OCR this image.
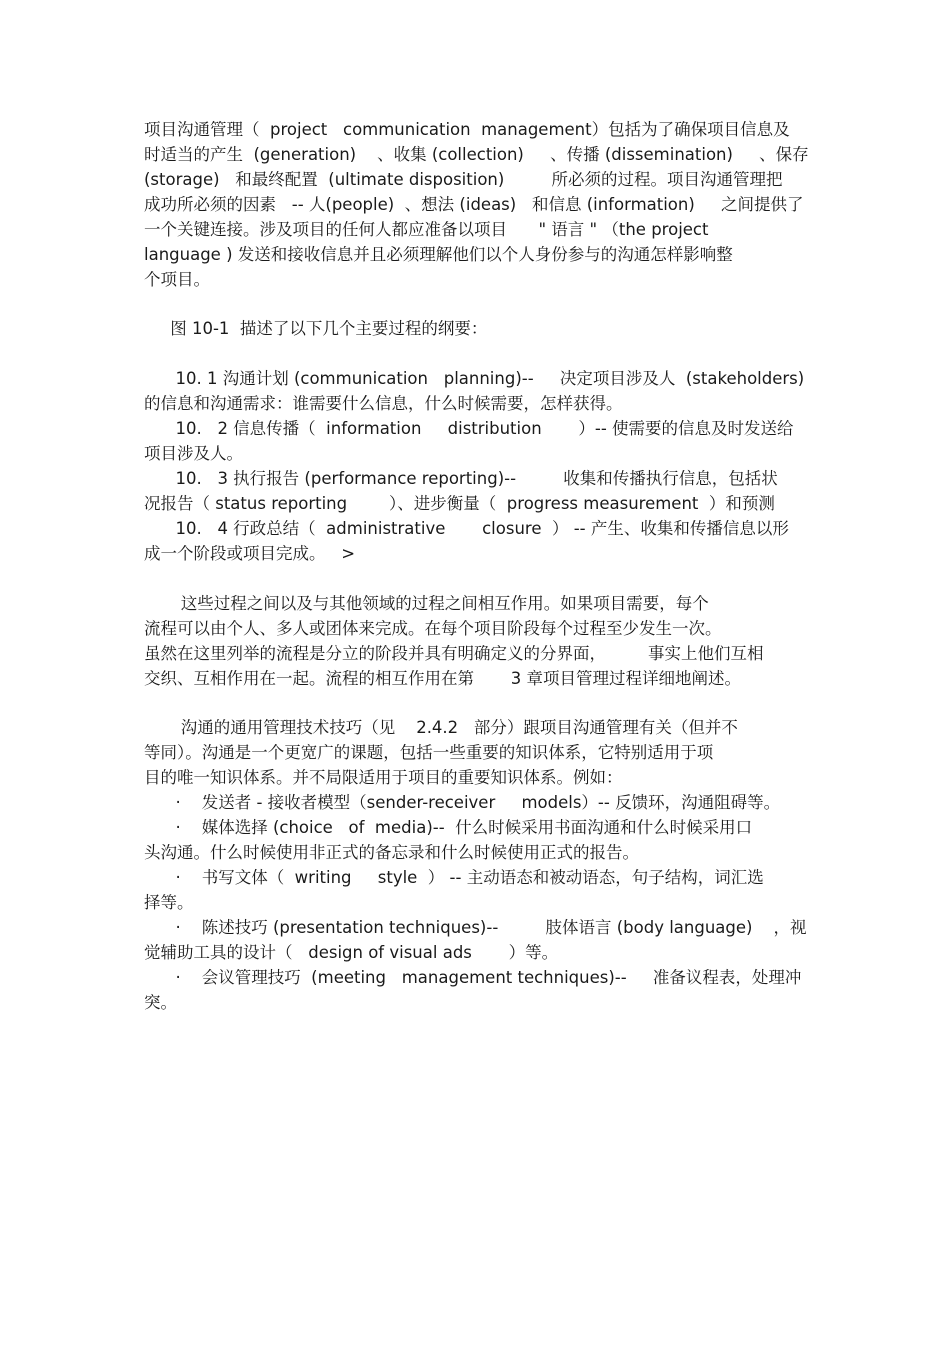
项目沟通管理（  project   communication  management）包括为了确保项目信息及
时适当的产生  (generation)    、收集 (collection)     、传播 (dissemination)     、保存
(storage)   和最终配置  (ultimate disposition)         所必须的过程。项目沟通管理把
成功所必须的因素   -- 人(people)  、想法 (ideas)   和信息 (information)     之间提供了
一个关键连接。涉及项目的任何人都应准备以项目      " 语言 " （the project
language ) 发送和接收信息并且必须理解他们以个人身份参与的沟通怎样影响整
个项目。
图 10-1  描述了以下几个主要过程的纲要：
10. 1 沟通计划 (communication   planning)--     决定项目涉及人  (stakeholders)
的信息和沟通需求：谁需要什么信息，什么时候需要，怎样获得。
10.   2 信息传播（  information     distribution       ）-- 使需要的信息及时发送给
项目涉及人。
10.   3 执行报告 (performance reporting)--         收集和传播执行信息，包括状
况报告（ status reporting        ）、进步衡量（  progress measurement  ）和预测
10.   4 行政总结（  administrative       closure  ） -- 产生、收集和传播信息以形
成一个阶段或项目完成。   >
这些过程之间以及与其他领域的过程之间相互作用。如果项目需要，每个
流程可以由个人、多人或团体来完成。在每个项目阶段每个过程至少发生一次。
虽然在这里列举的流程是分立的阶段并具有明确定义的分界面，        事实上他们互相
交织、互相作用在一起。流程的相互作用在第       3 章项目管理过程详细地阐述。
沟通的通用管理技术技巧（见    2.4.2   部分）跟项目沟通管理有关（但并不
等同）。沟通是一个更宽广的课题，包括一些重要的知识体系，它特别适用于项
目的唯一知识体系。并不局限适用于项目的重要知识体系。例如：
·    发送者 - 接收者模型（sender-receiver     models）-- 反馈环，沟通阻碍等。
·    媒体选择 (choice   of  media)--  什么时候采用书面沟通和什么时候采用口
头沟通。什么时候使用非正式的备忘录和什么时候使用正式的报告。
·    书写文体（  writing     style  ） -- 主动语态和被动语态，句子结构，词汇选
择等。
·    陈述技巧 (presentation techniques)--         肢体语言 (body language)    ，视
觉辅助工具的设计（   design of visual ads       ）等。
·    会议管理技巧  (meeting   management techniques)--     准备议程表，处理冲
突。
